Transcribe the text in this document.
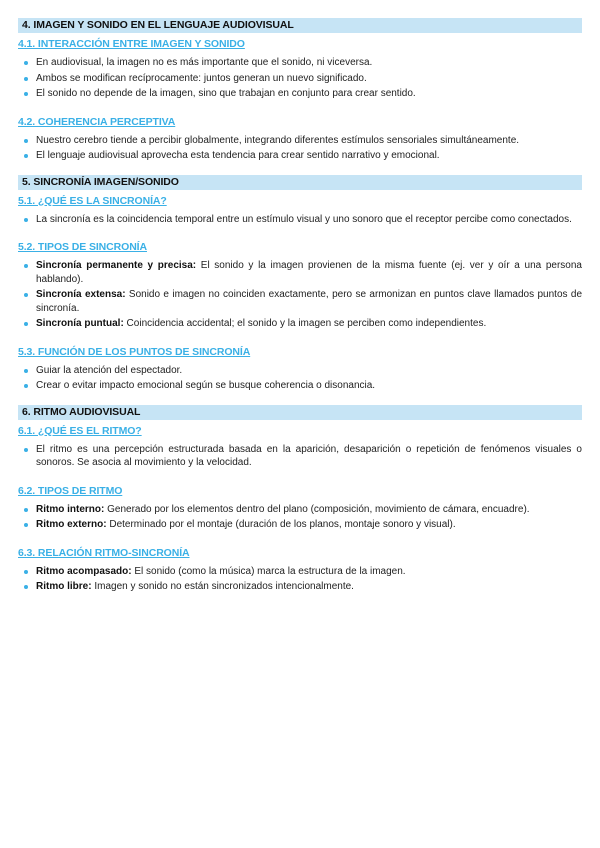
4. IMAGEN Y SONIDO EN EL LENGUAJE AUDIOVISUAL
4.1. INTERACCIÓN ENTRE IMAGEN Y SONIDO
En audiovisual, la imagen no es más importante que el sonido, ni viceversa.
Ambos se modifican recíprocamente: juntos generan un nuevo significado.
El sonido no depende de la imagen, sino que trabajan en conjunto para crear sentido.
4.2. COHERENCIA PERCEPTIVA
Nuestro cerebro tiende a percibir globalmente, integrando diferentes estímulos sensoriales simultáneamente.
El lenguaje audiovisual aprovecha esta tendencia para crear sentido narrativo y emocional.
5. SINCRONÍA IMAGEN/SONIDO
5.1. ¿QUÉ ES LA SINCRONÍA?
La sincronía es la coincidencia temporal entre un estímulo visual y uno sonoro que el receptor percibe como conectados.
5.2. TIPOS DE SINCRONÍA
Sincronía permanente y precisa: El sonido y la imagen provienen de la misma fuente (ej. ver y oír a una persona hablando).
Sincronía extensa: Sonido e imagen no coinciden exactamente, pero se armonizan en puntos clave llamados puntos de sincronía.
Sincronía puntual: Coincidencia accidental; el sonido y la imagen se perciben como independientes.
5.3. FUNCIÓN DE LOS PUNTOS DE SINCRONÍA
Guiar la atención del espectador.
Crear o evitar impacto emocional según se busque coherencia o disonancia.
6. RITMO AUDIOVISUAL
6.1. ¿QUÉ ES EL RITMO?
El ritmo es una percepción estructurada basada en la aparición, desaparición o repetición de fenómenos visuales o sonoros. Se asocia al movimiento y la velocidad.
6.2. TIPOS DE RITMO
Ritmo interno: Generado por los elementos dentro del plano (composición, movimiento de cámara, encuadre).
Ritmo externo: Determinado por el montaje (duración de los planos, montaje sonoro y visual).
6.3. RELACIÓN RITMO-SINCRONÍA
Ritmo acompasado: El sonido (como la música) marca la estructura de la imagen.
Ritmo libre: Imagen y sonido no están sincronizados intencionalmente.
